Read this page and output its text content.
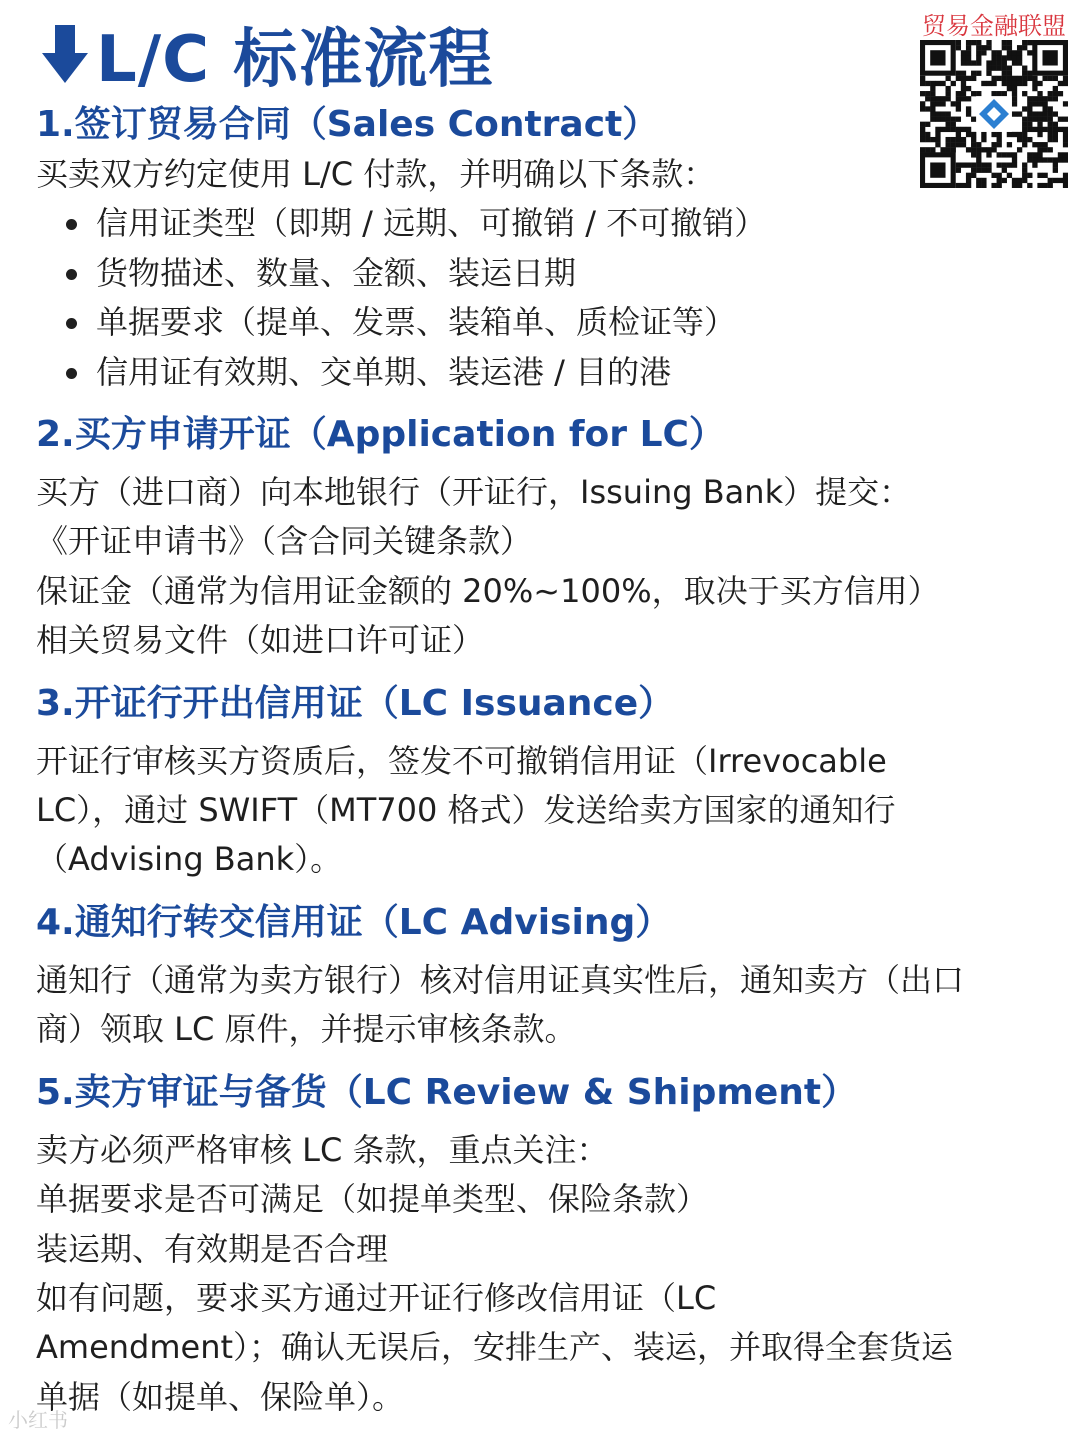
L/C 标准流程	贸易金融联盟
1.签订贸易合同（Sales Contract）
买卖双方约定使用 L/C 付款，并明确以下条款：
信用证类型（即期 / 远期、可撤销 / 不可撤销）
货物描述、数量、金额、装运日期
单据要求（提单、发票、装箱单、质检证等）
信用证有效期、交单期、装运港 / 目的港
2.买方申请开证（Application for LC）
买方（进口商）向本地银行（开证行，Issuing Bank）提交：
《开证申请书》（含合同关键条款）
保证金（通常为信用证金额的 20%~100%，取决于买方信用）
相关贸易文件（如进口许可证）
3.开证行开出信用证（LC Issuance）
开证行审核买方资质后，签发不可撤销信用证（Irrevocable
LC），通过 SWIFT（MT700 格式）发送给卖方国家的通知行
（Advising Bank）。
4.通知行转交信用证（LC Advising）
通知行（通常为卖方银行）核对信用证真实性后，通知卖方（出口
商）领取 LC 原件，并提示审核条款。
5.卖方审证与备货（LC Review & Shipment）
卖方必须严格审核 LC 条款，重点关注：
单据要求是否可满足（如提单类型、保险条款）
装运期、有效期是否合理
如有问题，要求买方通过开证行修改信用证（LC
Amendment）；确认无误后，安排生产、装运，并取得全套货运
单据（如提单、保险单）。
小红书
